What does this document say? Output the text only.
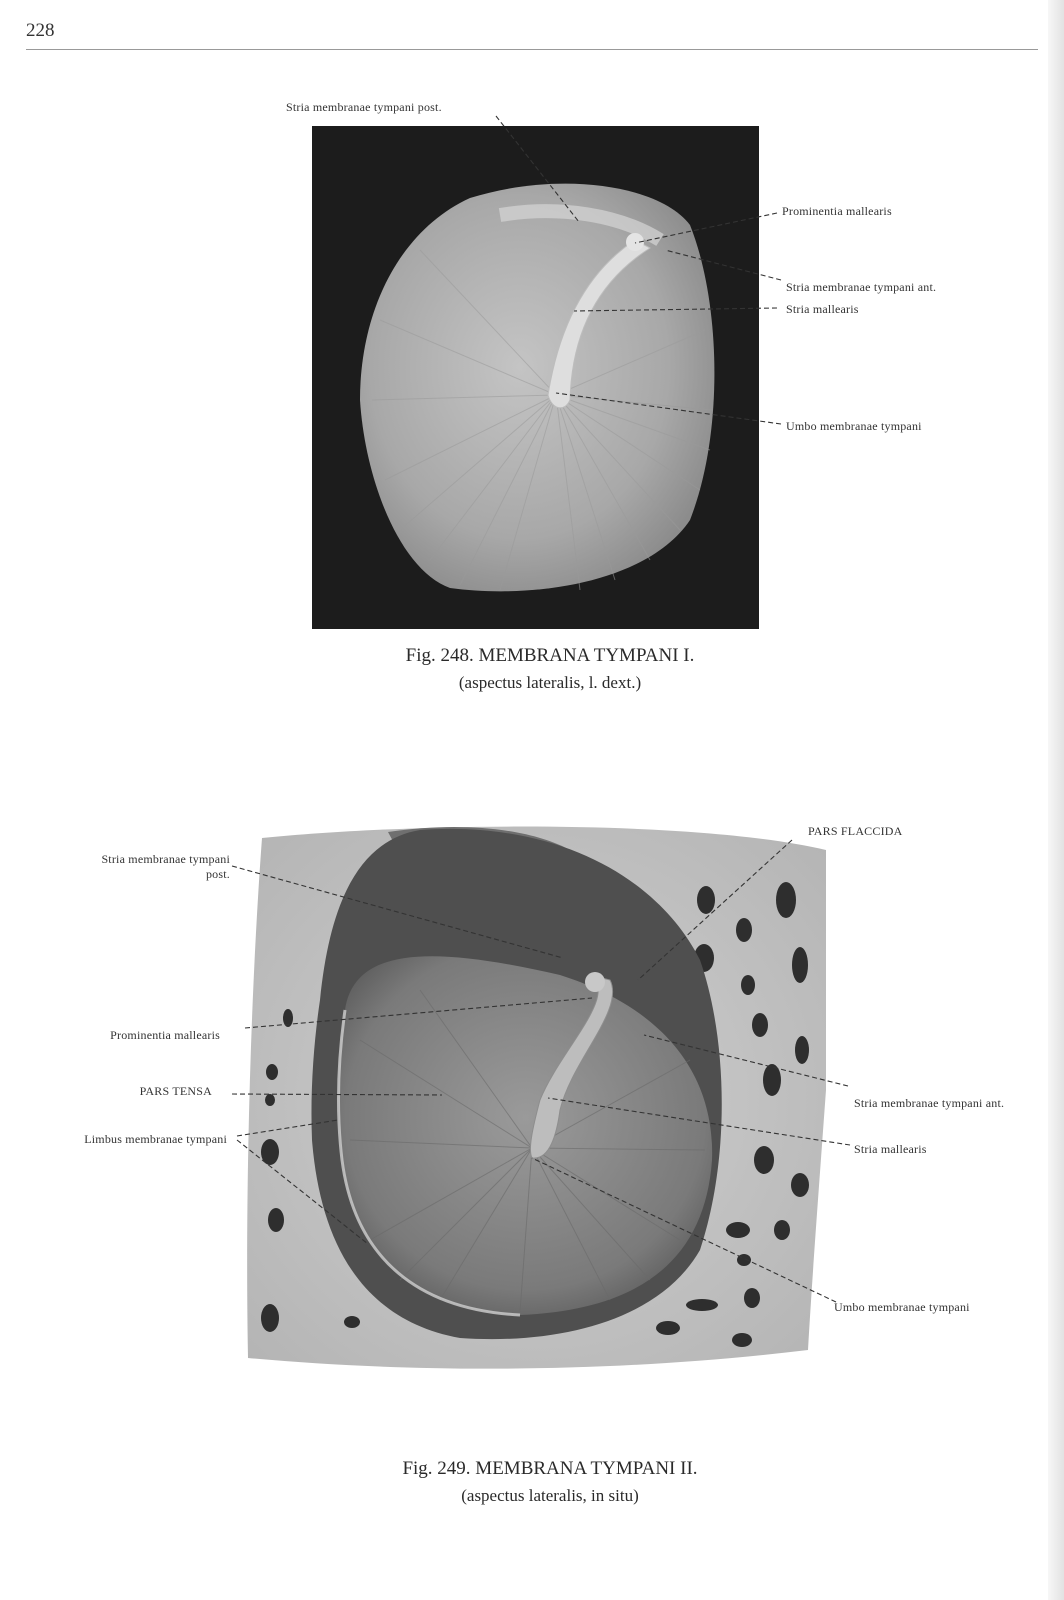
228
Stria membranae tympani post.
Prominentia mallearis
Stria membranae tympani ant.
Stria mallearis
Umbo membranae tympani
Fig. 248. MEMBRANA TYMPANI I.
(aspectus lateralis, l. dext.)
Stria membranae tympani
post.
PARS FLACCIDA
Prominentia mallearis
PARS TENSA
Limbus membranae tympani
Stria membranae tympani ant.
Stria mallearis
Umbo membranae tympani
Fig. 249. MEMBRANA TYMPANI II.
(aspectus lateralis, in situ)
